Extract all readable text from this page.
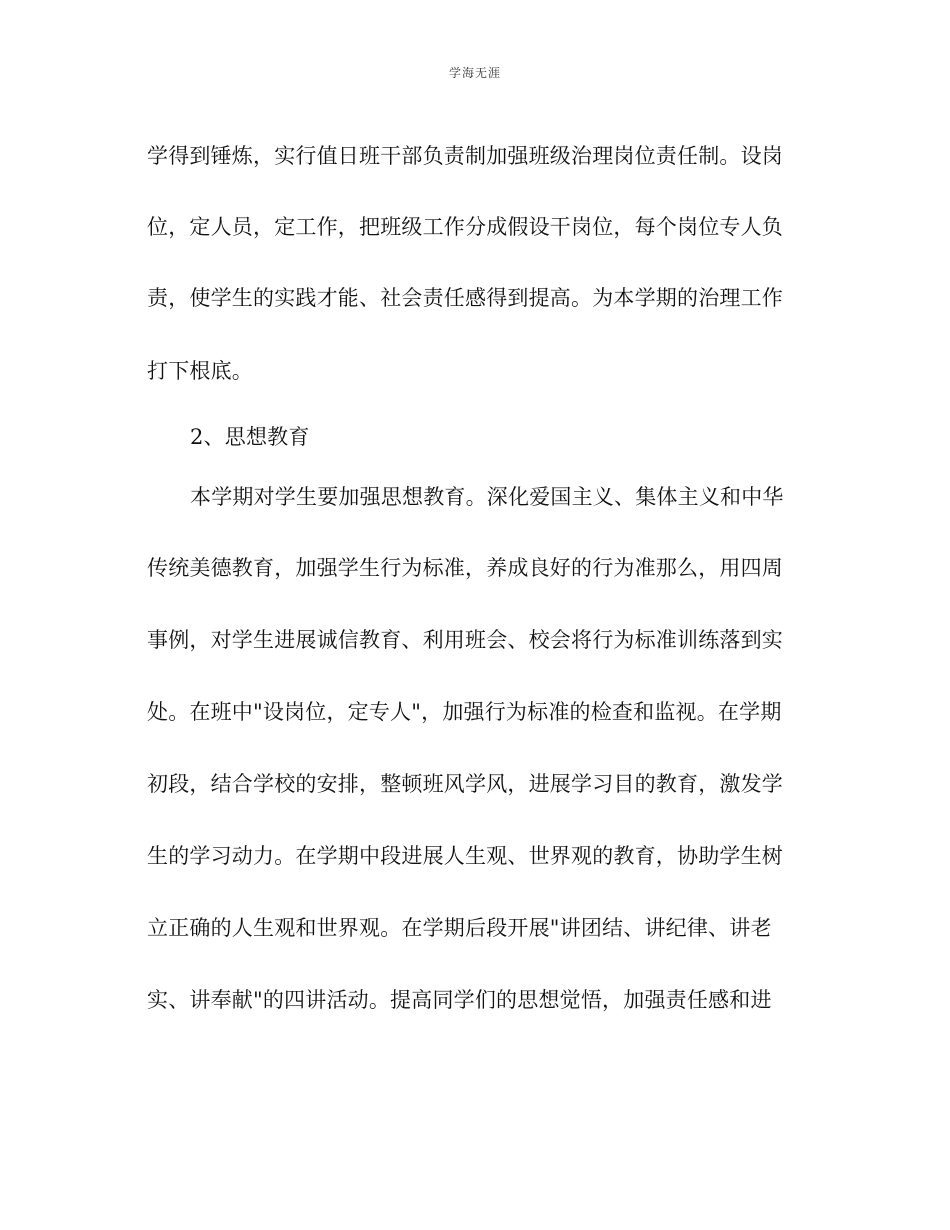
学海无涯
学得到锤炼，实行值日班干部负责制加强班级治理岗位责任制。设岗
位，定人员，定工作，把班级工作分成假设干岗位，每个岗位专人负
责，使学生的实践才能、社会责任感得到提高。为本学期的治理工作
打下根底。
2、思想教育
本学期对学生要加强思想教育。深化爱国主义、集体主义和中华
传统美德教育，加强学生行为标准，养成良好的行为准那么，用四周
事例，对学生进展诚信教育、利用班会、校会将行为标准训练落到实
处。在班中"设岗位，定专人"，加强行为标准的检查和监视。在学期
初段，结合学校的安排，整顿班风学风，进展学习目的教育，激发学
生的学习动力。在学期中段进展人生观、世界观的教育，协助学生树
立正确的人生观和世界观。在学期后段开展"讲团结、讲纪律、讲老
实、讲奉献"的四讲活动。提高同学们的思想觉悟，加强责任感和进
